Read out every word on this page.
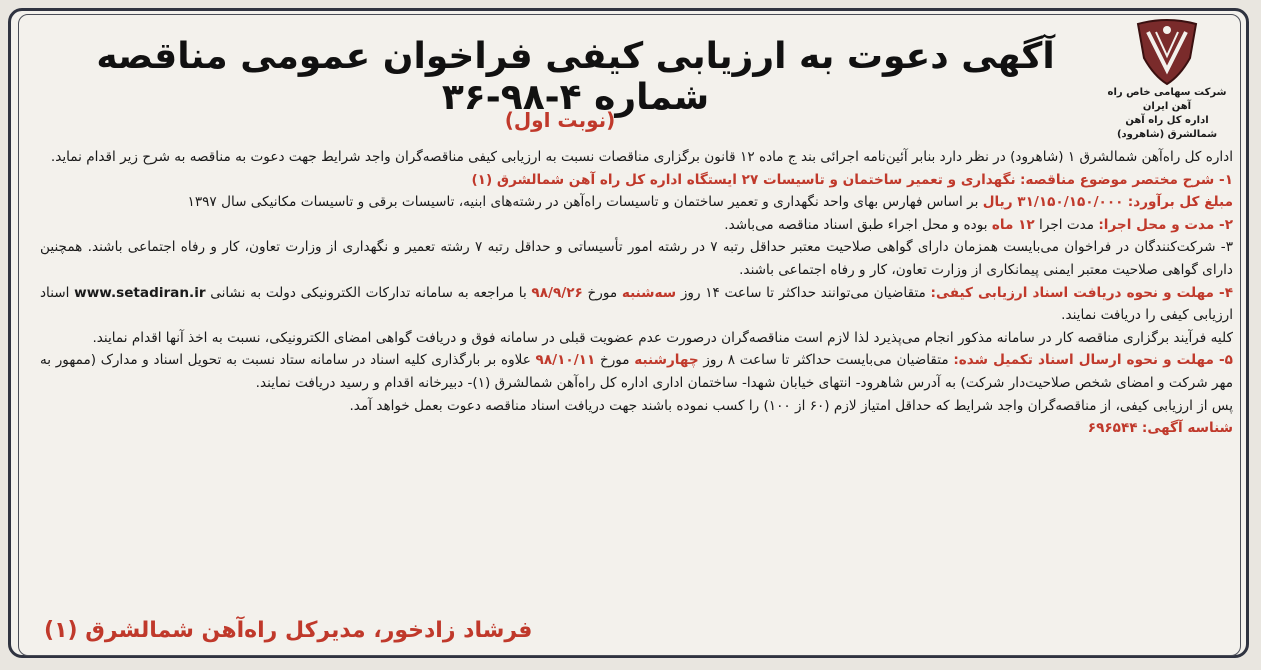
شرکت سهامی خاص راه آهن ایران
اداره کل راه آهن شمالشرق (شاهرود)
آگهی دعوت به ارزیابی کیفی فراخوان عمومی مناقصه شماره ۴-۹۸-۳۶
(نوبت اول)

اداره کل راه‌آهن شمالشرق ۱ (شاهرود) در نظر دارد بنابر آئین‌نامه اجرائی بند ج ماده ۱۲ قانون برگزاری مناقصات نسبت به ارزیابی کیفی مناقصه‌گران واجد شرایط جهت دعوت به مناقصه به شرح زیر اقدام نماید.

۱- شرح مختصر موضوع مناقصه: نگهداری و تعمیر ساختمان و تاسیسات ۲۷ ایستگاه اداره کل راه آهن شمالشرق (۱)

مبلغ کل برآورد: ۳۱/۱۵۰/۱۵۰/۰۰۰ ریال بر اساس فهارس بهای واحد نگهداری و تعمیر ساختمان و تاسیسات راه‌آهن در رشته‌های ابنیه، تاسیسات برقی و تاسیسات مکانیکی سال ۱۳۹۷

۲- مدت و محل اجرا: مدت اجرا ۱۲ ماه بوده و محل اجراء طبق اسناد مناقصه می‌باشد.

۳- شرکت‌کنندگان در فراخوان می‌بایست همزمان دارای گواهی صلاحیت معتبر حداقل رتبه ۷ در رشته امور تأسیساتی و حداقل رتبه ۷ رشته تعمیر و نگهداری از وزارت تعاون، کار و رفاه اجتماعی باشند. همچنین دارای گواهی صلاحیت معتبر ایمنی پیمانکاری از وزارت تعاون، کار و رفاه اجتماعی باشند.

۴- مهلت و نحوه دریافت اسناد ارزیابی کیفی: متقاضیان می‌توانند حداکثر تا ساعت ۱۴ روز سه‌شنبه مورخ ۹۸/۹/۲۶ با مراجعه به سامانه تدارکات الکترونیکی دولت به نشانی www.setadiran.ir اسناد ارزیابی کیفی را دریافت نمایند.

کلیه فرآیند برگزاری مناقصه کار در سامانه مذکور انجام می‌پذیرد لذا لازم است مناقصه‌گران درصورت عدم عضویت قبلی در سامانه فوق و دریافت گواهی امضای الکترونیکی، نسبت به اخذ آنها اقدام نمایند.

۵- مهلت و نحوه ارسال اسناد تکمیل شده: متقاضیان می‌بایست حداکثر تا ساعت ۸ روز چهارشنبه مورخ ۹۸/۱۰/۱۱ علاوه بر بارگذاری کلیه اسناد در سامانه ستاد نسبت به تحویل اسناد و مدارک (ممهور به مهر شرکت و امضای شخص صلاحیت‌دار شرکت) به آدرس شاهرود- انتهای خیابان شهدا- ساختمان اداری اداره کل راه‌آهن شمالشرق (۱)- دبیرخانه اقدام و رسید دریافت نمایند.

پس از ارزیابی کیفی، از مناقصه‌گران واجد شرایط که حداقل امتیاز لازم (۶۰ از ۱۰۰) را کسب نموده باشند جهت دریافت اسناد مناقصه دعوت بعمل خواهد آمد.

شناسه آگهی: ۶۹۶۵۴۴

فرشاد زادخور، مدیرکل راه‌آهن شمالشرق (۱)
